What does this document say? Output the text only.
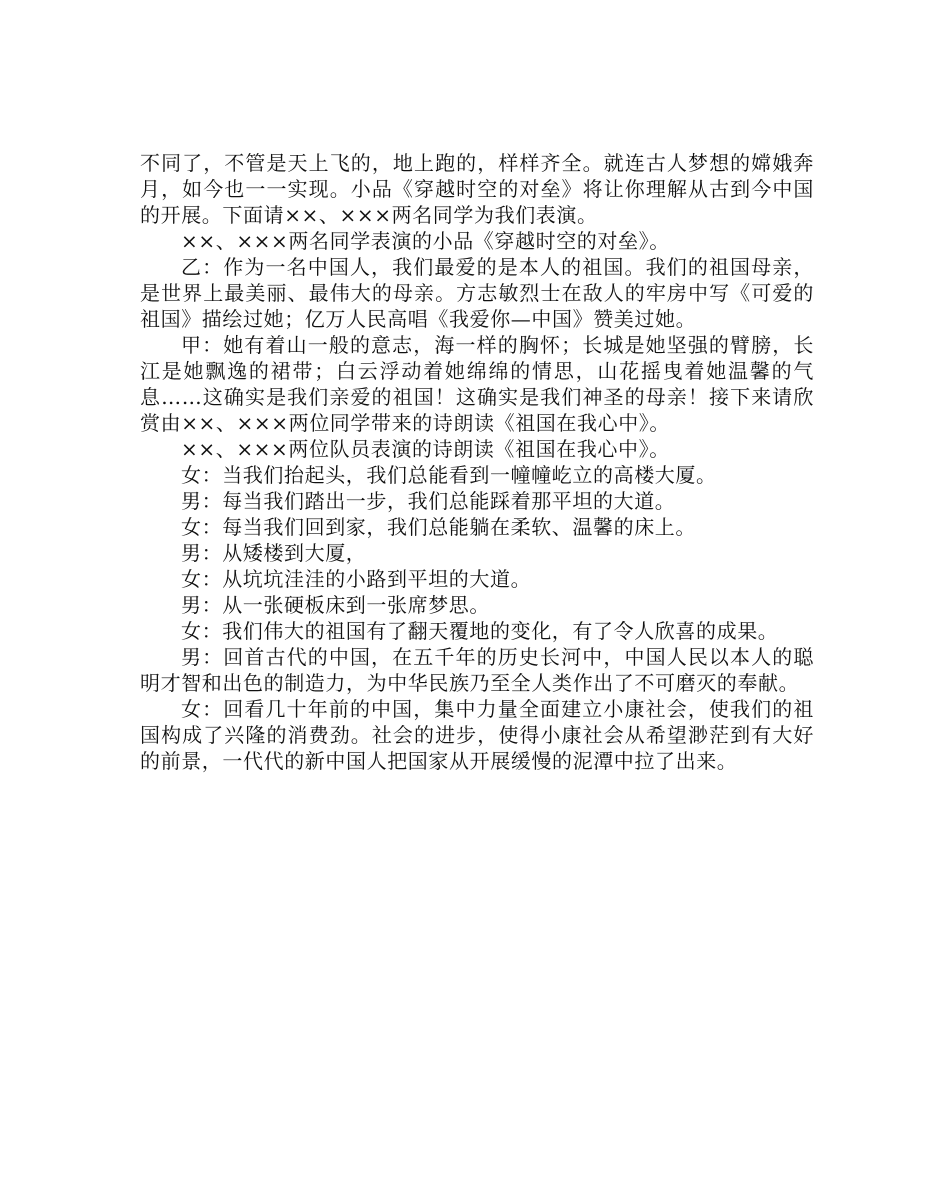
不同了，不管是天上飞的，地上跑的，样样齐全。就连古人梦想的嫦娥奔月，如今也一一实现。小品《穿越时空的对垒》将让你理解从古到今中国的开展。下面请××、×××两名同学为我们表演。

××、×××两名同学表演的小品《穿越时空的对垒》。

乙：作为一名中国人，我们最爱的是本人的祖国。我们的祖国母亲，是世界上最美丽、最伟大的母亲。方志敏烈士在敌人的牢房中写《可爱的祖国》描绘过她；亿万人民高唱《我爱你—中国》赞美过她。

甲：她有着山一般的意志，海一样的胸怀；长城是她坚强的臂膀，长江是她飘逸的裙带；白云浮动着她绵绵的情思，山花摇曳着她温馨的气息……这确实是我们亲爱的祖国！这确实是我们神圣的母亲！接下来请欣赏由××、×××两位同学带来的诗朗读《祖国在我心中》。

××、×××两位队员表演的诗朗读《祖国在我心中》。

女：当我们抬起头，我们总能看到一幢幢屹立的高楼大厦。

男：每当我们踏出一步，我们总能踩着那平坦的大道。

女：每当我们回到家，我们总能躺在柔软、温馨的床上。

男：从矮楼到大厦，

女：从坑坑洼洼的小路到平坦的大道。

男：从一张硬板床到一张席梦思。

女：我们伟大的祖国有了翻天覆地的变化，有了令人欣喜的成果。

男：回首古代的中国，在五千年的历史长河中，中国人民以本人的聪明才智和出色的制造力，为中华民族乃至全人类作出了不可磨灭的奉献。

女：回看几十年前的中国，集中力量全面建立小康社会，使我们的祖国构成了兴隆的消费劲。社会的进步，使得小康社会从希望渺茫到有大好的前景，一代代的新中国人把国家从开展缓慢的泥潭中拉了出来。
